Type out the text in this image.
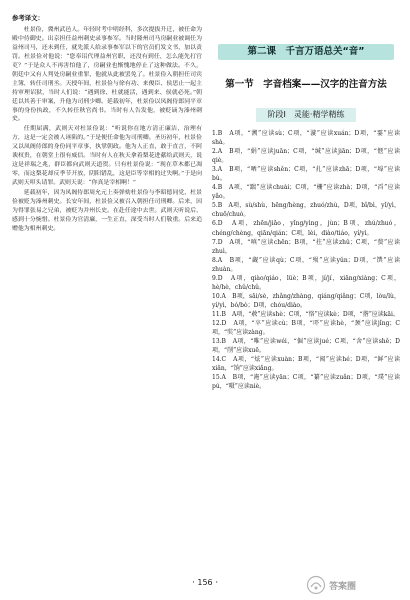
参考译文：

杜景俭，冀州武邑人。年轻时考中明经科，多次提拔升迁，被任命为殿中侍御史。出京担任益州刺史录事参军。当时隆州司马房嗣业被调任为益州司马，还未到任，就先派人给录事参军以下的官员们发文书，加以责罚。杜景俭对他说：“您奉诏代理益州官职，还没有到任，怎么能先打官吏？”于是众人不再害怕他了，房嗣业也惭愧地停止了这种做法。不久，朝廷中又有人判处房嗣业重罪，他就从此被罢免了。杜景俭入朝担任司宾主簿，转任司刑丞。天授年间，杜景俭与徐有功、来俊臣、侯思止一起主持审理诏狱，当时人们说：“遇到徐、杜就能活，遇到来、侯就必死。”朝廷以其善于审案，升他为司刑少卿。延载初年，杜景俭以凤阁侍郎同平章事的身份执政，不久转任秋官尚书。当时有人告发他，被贬谪为溱州刺史。

任期届满，武则天对杜景俭说：“听说你在地方清正廉洁，治理有方，这是一定会被人诬陷的。”于是便任命他为司刑卿。圣历初年，杜景俭又以凤阁侍郎的身份同平章事，执掌朝政。他为人正直，敢于直言，不阿谀权贵，在朝堂上很有威信。当时有人在秋天拿着梨花进献给武则天，说这是祥瑞之兆，群臣都向武则天道贺。只有杜景俭说：“现在草木都已凋零，而这梨花却反季节开放，阴阳错乱，这是臣等宰相的过失啊。”于是向武则天叩头请罪。武则天说：“你真是宰相啊！”

延载初年，因为凤阁侍郎周允元上奏弹劾杜景俭与李昭德同党，杜景俭被贬为溱州刺史。长安年间，杜景俭又被召入朝担任司刑卿。后来，因为得罪张易之兄弟，被贬为并州长史。在赴任途中去世。武则天听说后，感到十分惋惜。杜景俭为官清廉，一生正直，深受当时人们敬重。后来追赠他为相州刺史。

第二课　千言万语总关“音”
第一节　字音档案——汉字的注音方法
阶段Ⅰ　灵能·精学精练

1.B　A项，“溯”应读sù；C项，“漩”应读xuán；D项，“霎”应读shà。

2.A　B项，“娟”应读juān；C项，“缄”应读jiān；D项，“惬”应读qiè。

3.A　B项，“哂”应读shěn；C项，“扎”应读zhā；D项，“埠”应读bù。

4.B　A项，“踹”应读chuài；C项，“栅”应读zhà；D项，“舀”应读yǎo。

5.B　A项，sù/shù，hēng/hèng，zhuó/zhù，D项，bǐ/bì，yǐ/yì，chuō/chuò。

6.D　A项，zhēn/jiǎo，yǐng/yìng，jùn；B项，zhú/zhuó，chéng/chèng，qiān/qián；C项，lèi，diào/tiáo，yí/yì。

7.D　A项，“嗔”应读chēn；B项，“拄”应读zhǔ；C项，“赘”应读zhuì。

8.A　B项，“觑”应读qù；C项，“殒”应读yǔn；D项，“馔”应读zhuàn。

9.D　A项，qiào/qiáo，lüè；B项，jí/jí，xiāng/xiàng；C项，hè/hè，chǔ/chǔ。

10.A　B项，sāi/sè，zhǎng/zhàng，qiáng/qiǎng；C项，lòu/lù，yí/yì，bó/bò；D项，chóu/diào。

11.B　A项，“赦”应读shè；C项，“恪”应读kè；D项，“揩”应读kāi。

12.D　A项，“卒”应读cù；B项，“吓”应读hè，“颈”应读jǐng；C项，“奘”应读zàng。

13.B　A项，“唯”应读wéi，“倔”应读jué；C项，“舍”应读shě；D项，“削”应读xuē。

14.C　A项，“炫”应读xuàn；B项，“阂”应读hé；D项，“鲜”应读xiǎn，“饷”应读xiǎng。

15.A　B项，“淹”应读yān；C项，“纂”应读zuǎn；D项，“璞”应读pú，“嗫”应读niè。

· 156 ·	答案圈
